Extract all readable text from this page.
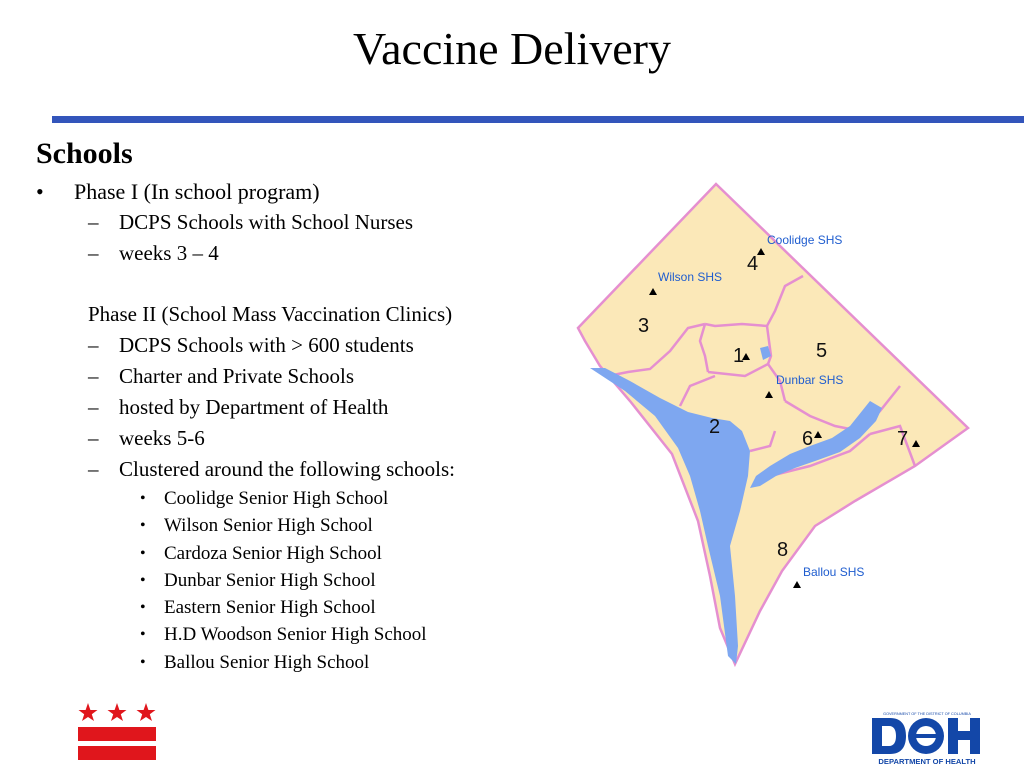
Vaccine Delivery
Schools
• Phase I (In school program)
– DCPS Schools with School Nurses
– weeks 3 – 4
Phase II (School Mass Vaccination Clinics)
– DCPS Schools with > 600 students
– Charter and Private Schools
– hosted by Department of Health
– weeks 5-6
– Clustered around the following schools:
• Coolidge Senior High School
• Wilson Senior High School
• Cardoza Senior High School
• Dunbar Senior High School
• Eastern Senior High School
• H.D Woodson Senior High School
• Ballou Senior High School
1
2
3
4
5
6	7
8
Coolidge SHS
Wilson SHS
Dunbar SHS
Ballou SHS
GOVERNMENT OF THE DISTRICT OF COLUMBIA
DEPARTMENT OF HEALTH
